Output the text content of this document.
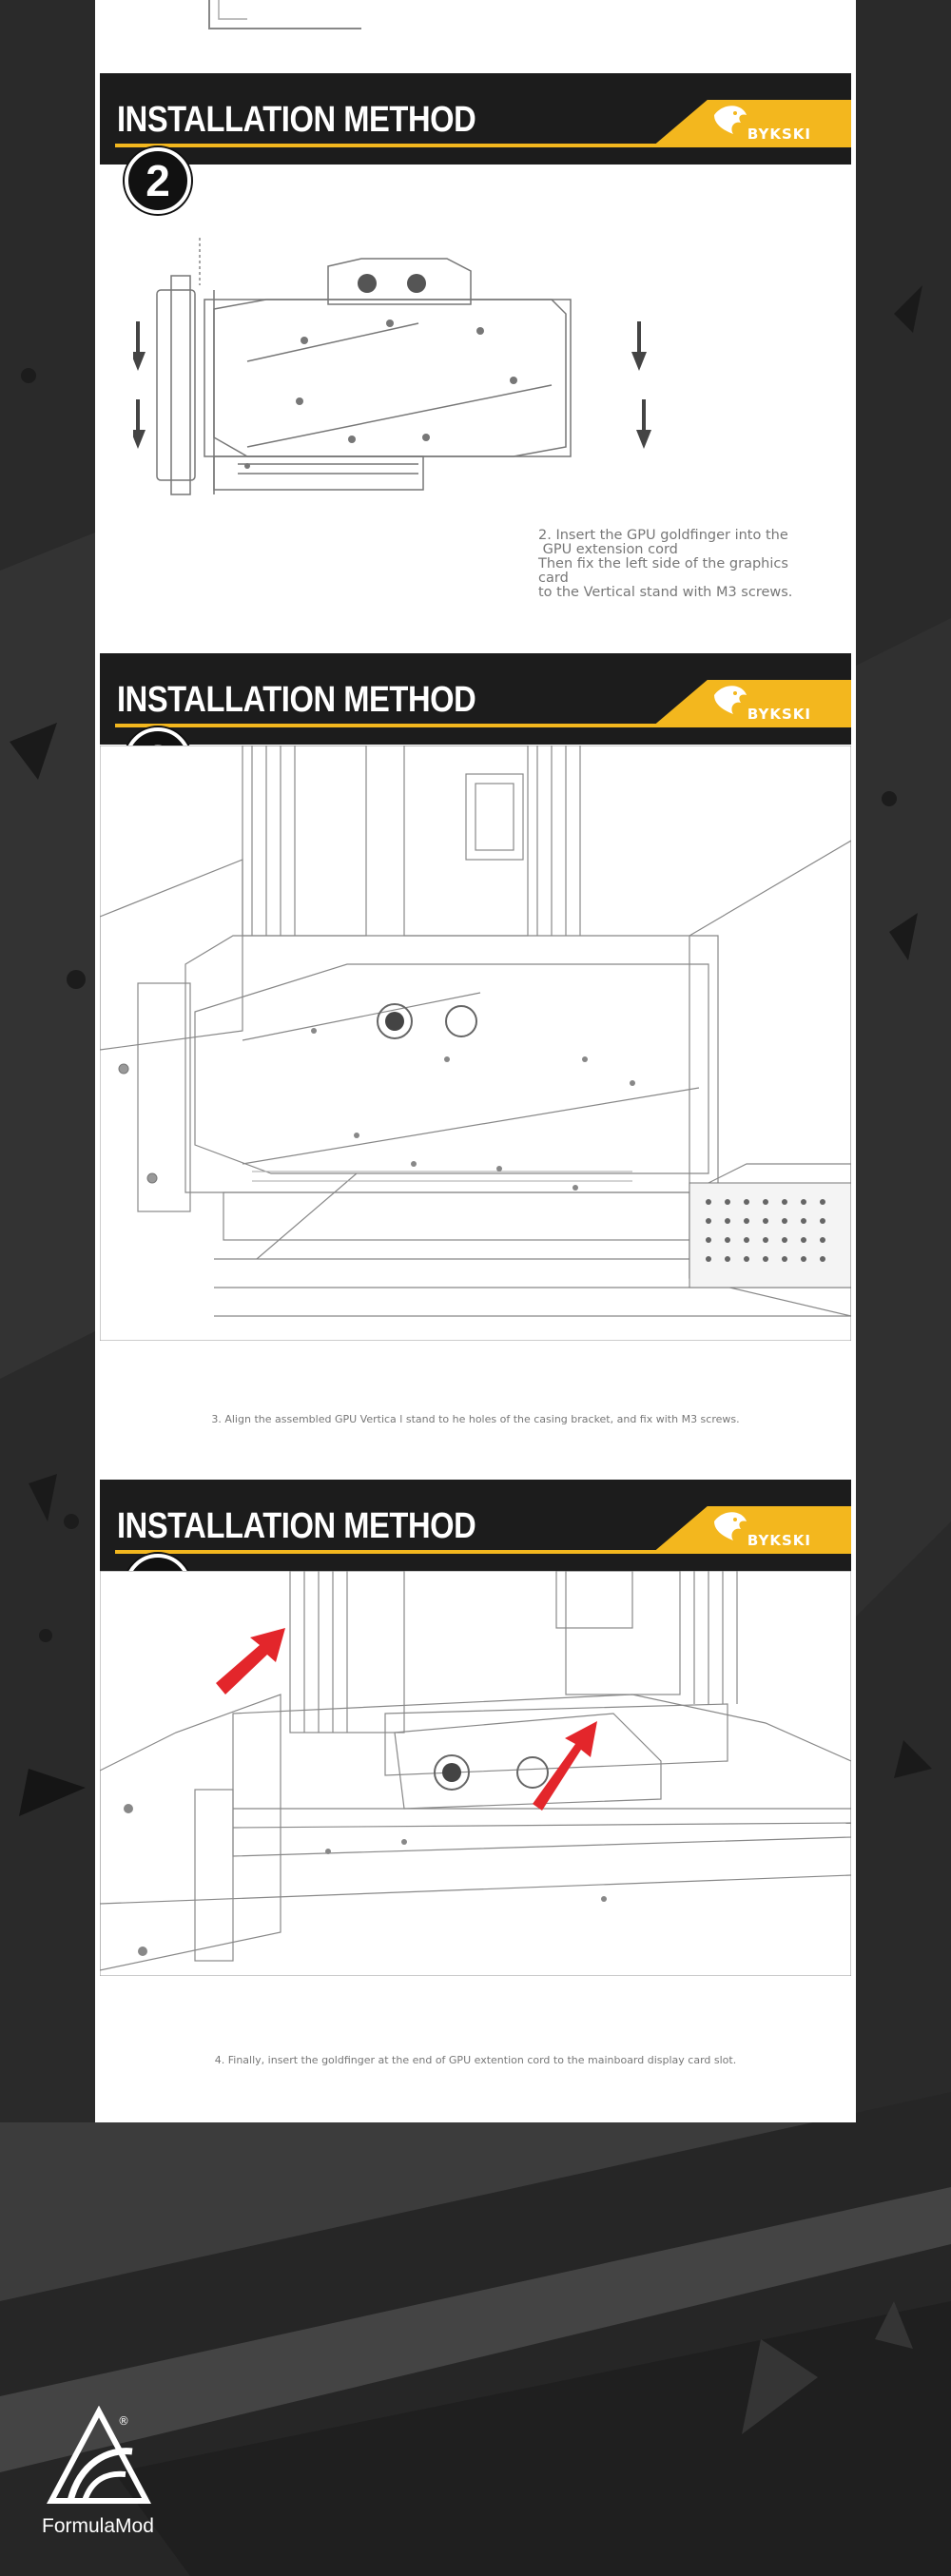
INSTALLATION METHOD	BYKSKI
2
2. Insert the GPU goldfinger into the
GPU extension cord
Then fix the left side of the graphics
card
to the Vertical stand with M3 screws.
INSTALLATION METHOD	BYKSKI
3. Align the assembled GPU Vertica l stand to he holes of the casing bracket, and fix with M3 screws.
INSTALLATION METHOD	BYKSKI
4. Finally, insert the goldfinger at the end of GPU extention cord to the mainboard display card slot.
®
FormulaMod
